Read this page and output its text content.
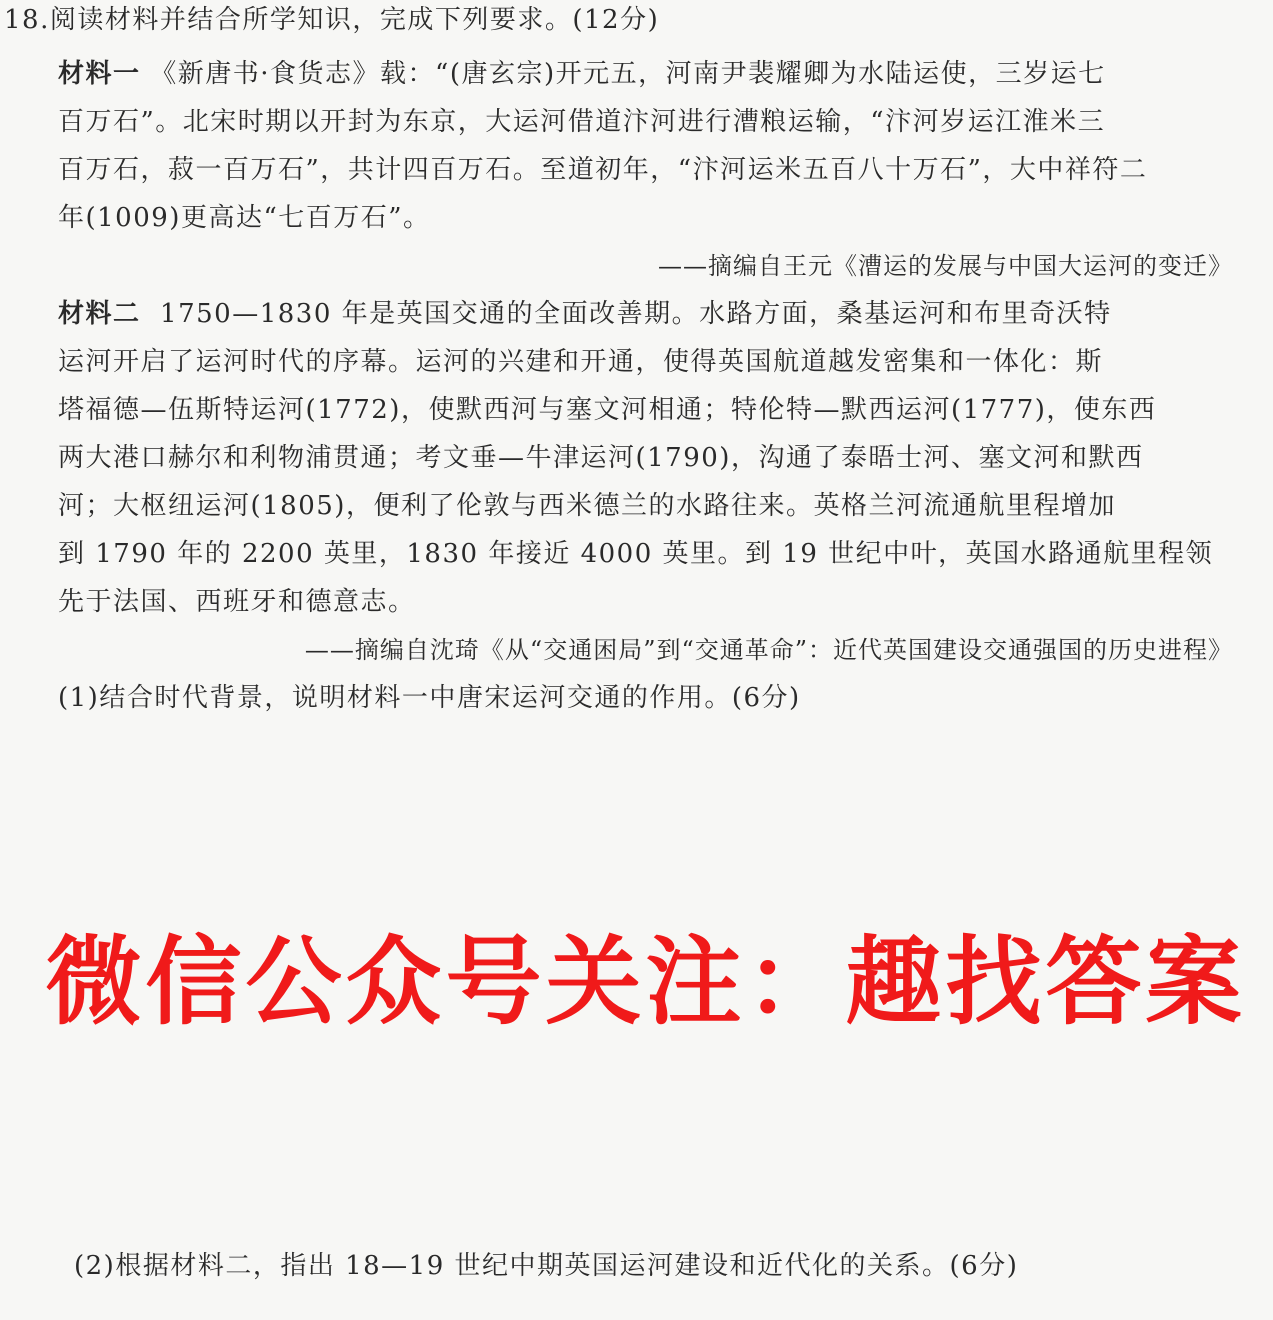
18.阅读材料并结合所学知识，完成下列要求。(12分)
材料一 《新唐书·食货志》载：“(唐玄宗)开元五，河南尹裴耀卿为水陆运使，三岁运七
百万石”。北宋时期以开封为东京，大运河借道汴河进行漕粮运输，“汴河岁运江淮米三
百万石，菽一百万石”，共计四百万石。至道初年，“汴河运米五百八十万石”，大中祥符二
年(1009)更高达“七百万石”。
——摘编自王元《漕运的发展与中国大运河的变迁》
材料二 1750—1830 年是英国交通的全面改善期。水路方面，桑基运河和布里奇沃特
运河开启了运河时代的序幕。运河的兴建和开通，使得英国航道越发密集和一体化：斯
塔福德—伍斯特运河(1772)，使默西河与塞文河相通；特伦特—默西运河(1777)，使东西
两大港口赫尔和利物浦贯通；考文垂—牛津运河(1790)，沟通了泰晤士河、塞文河和默西
河；大枢纽运河(1805)，便利了伦敦与西米德兰的水路往来。英格兰河流通航里程增加
到 1790 年的 2200 英里，1830 年接近 4000 英里。到 19 世纪中叶，英国水路通航里程领
先于法国、西班牙和德意志。
——摘编自沈琦《从“交通困局”到“交通革命”：近代英国建设交通强国的历史进程》
(1)结合时代背景，说明材料一中唐宋运河交通的作用。(6分)
微信公众号关注：趣找答案
(2)根据材料二，指出 18—19 世纪中期英国运河建设和近代化的关系。(6分)
